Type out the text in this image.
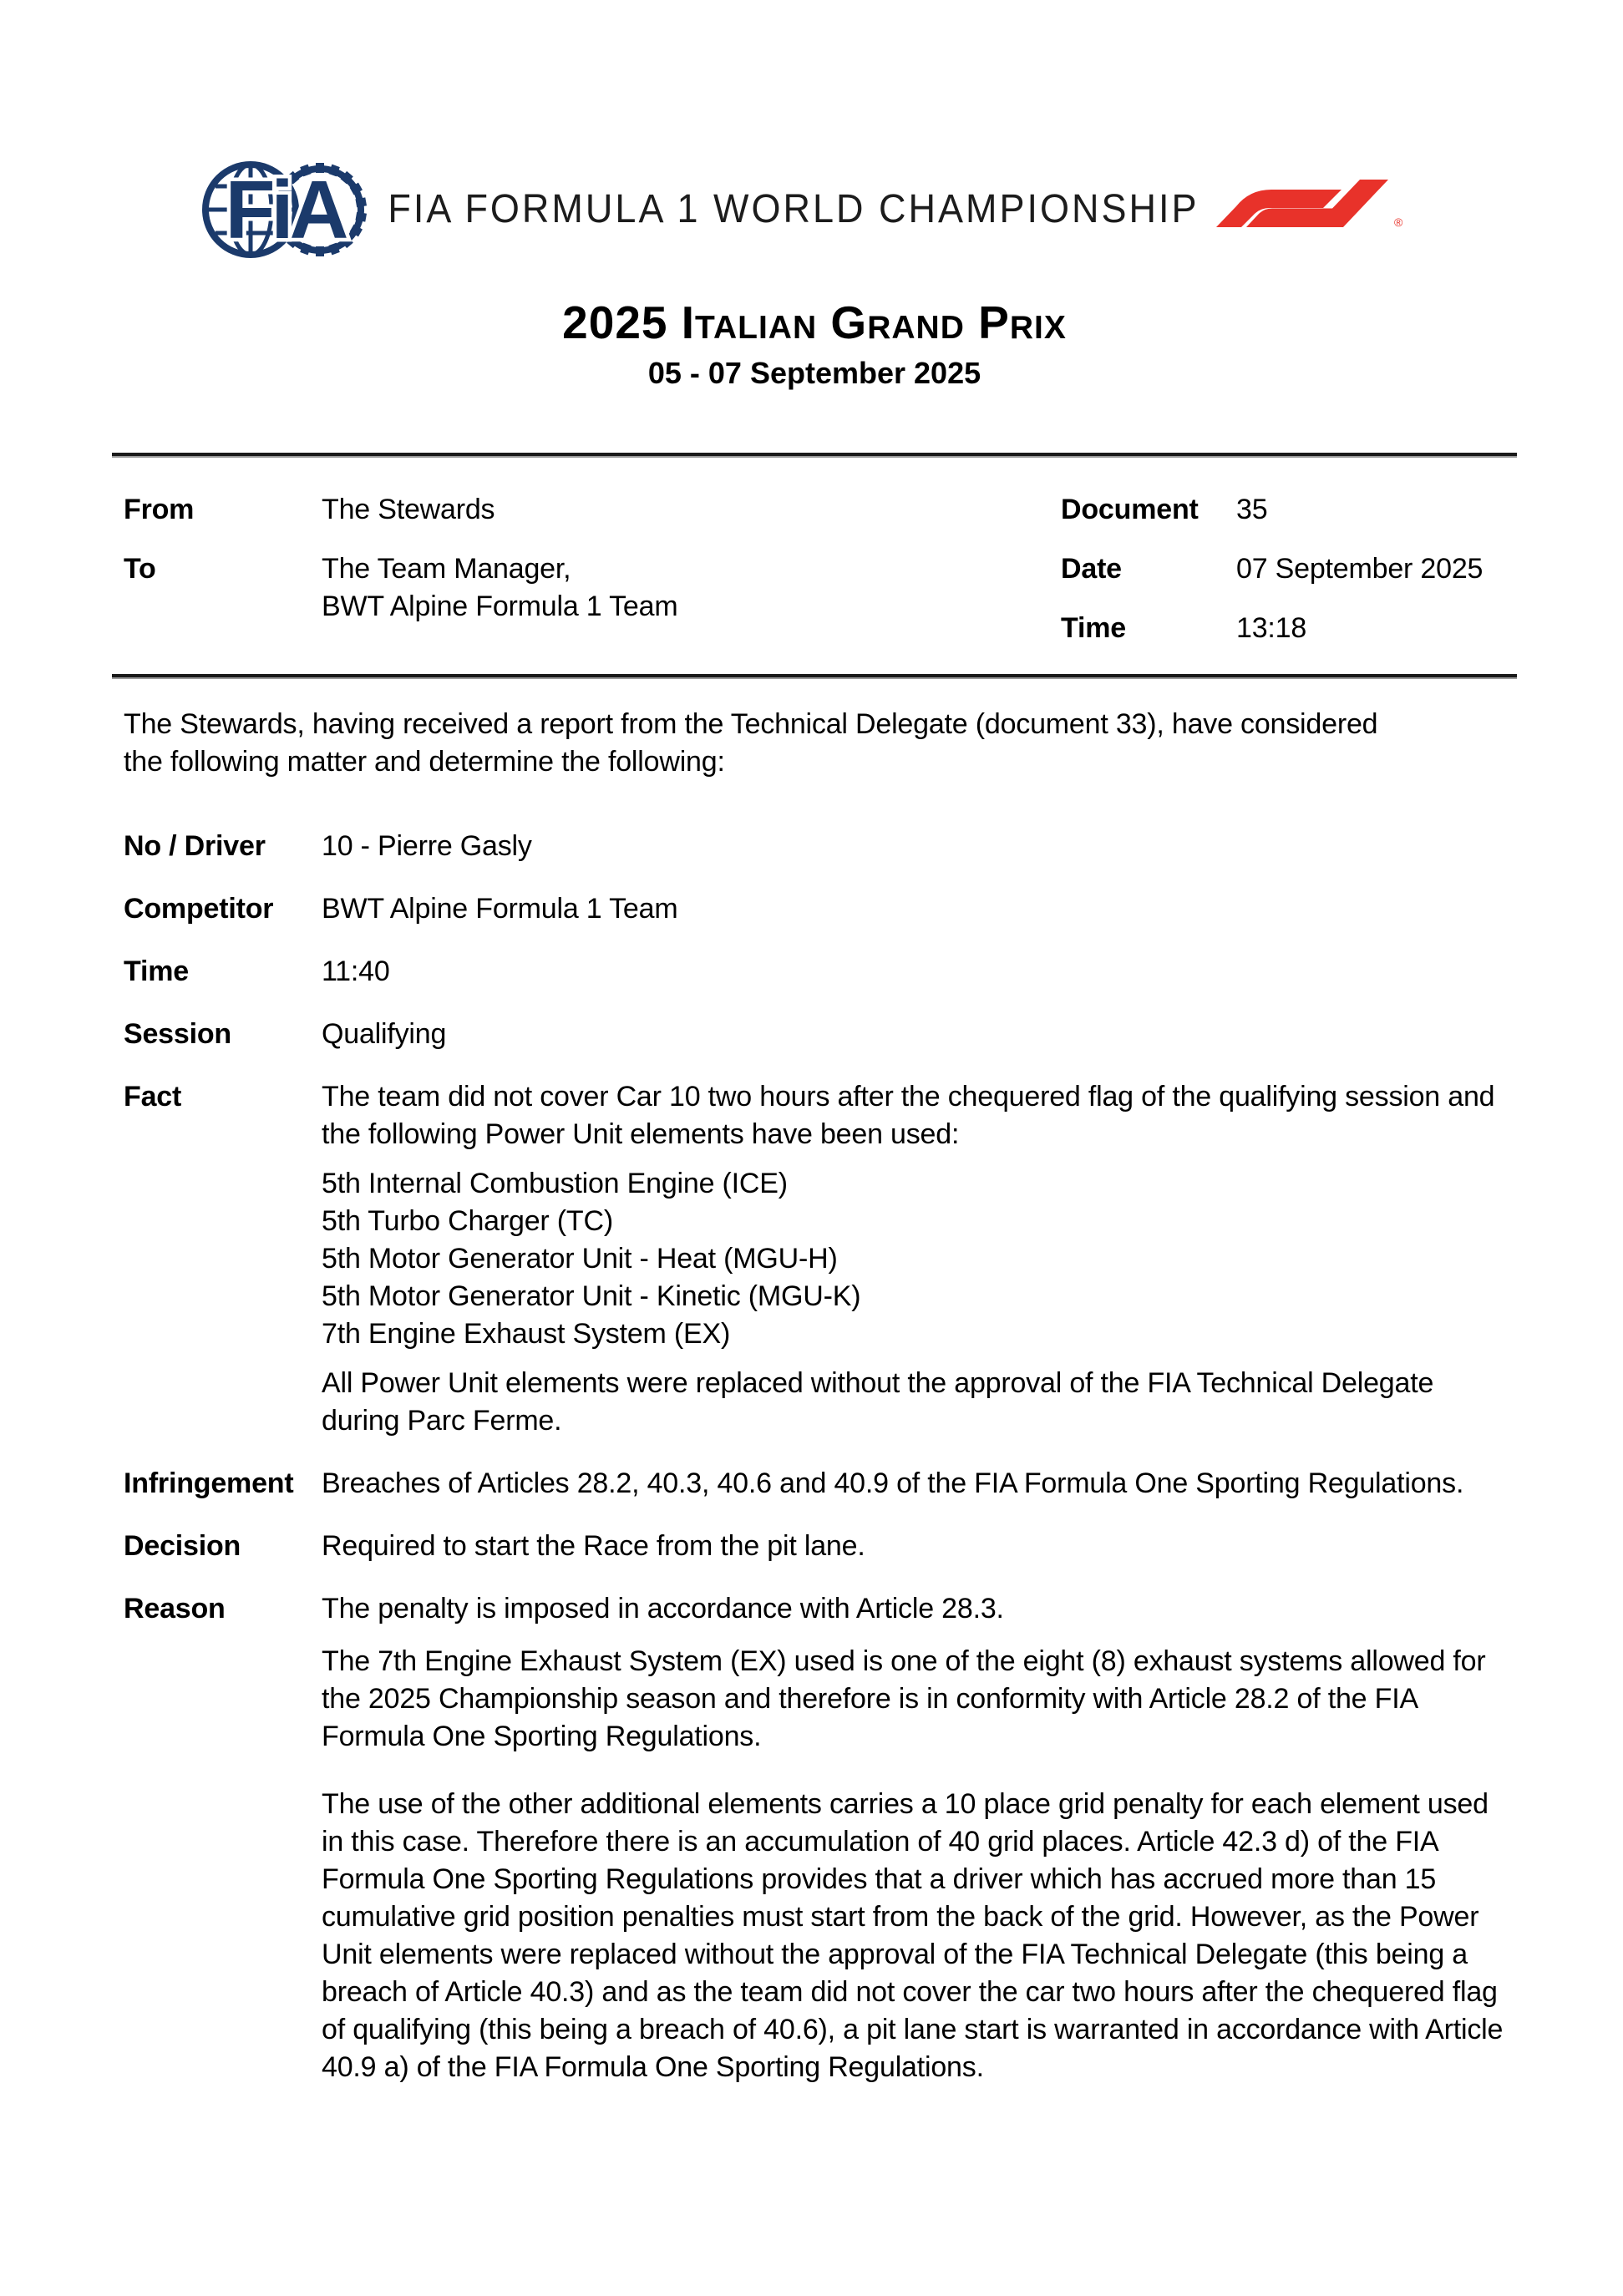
FiA	FIA FORMULA 1 WORLD CHAMPIONSHIP	®
2025 Italian Grand Prix
05 - 07 September 2025
From	The Stewards
To	The Team Manager,
BWT Alpine Formula 1 Team
Document	35
Date	07 September 2025
Time	13:18

The Stewards, having received a report from the Technical Delegate (document 33), have considered the following matter and determine the following:

No / Driver	10 - Pierre Gasly
Competitor	BWT Alpine Formula 1 Team
Time	11:40
Session	Qualifying
Fact	The team did not cover Car 10 two hours after the chequered flag of the qualifying session and the following Power Unit elements have been used:

5th Internal Combustion Engine (ICE)
5th Turbo Charger (TC)
5th Motor Generator Unit - Heat (MGU-H)
5th Motor Generator Unit - Kinetic (MGU-K)
7th Engine Exhaust System (EX)

All Power Unit elements were replaced without the approval of the FIA Technical Delegate during Parc Ferme.

Infringement Breaches of Articles 28.2, 40.3, 40.6 and 40.9 of the FIA Formula One Sporting Regulations.
Decision	Required to start the Race from the pit lane.
Reason	The penalty is imposed in accordance with Article 28.3.

The 7th Engine Exhaust System (EX) used is one of the eight (8) exhaust systems allowed for the 2025 Championship season and therefore is in conformity with Article 28.2 of the FIA Formula One Sporting Regulations.

The use of the other additional elements carries a 10 place grid penalty for each element used in this case. Therefore there is an accumulation of 40 grid places. Article 42.3 d) of the FIA Formula One Sporting Regulations provides that a driver which has accrued more than 15 cumulative grid position penalties must start from the back of the grid. However, as the Power Unit elements were replaced without the approval of the FIA Technical Delegate (this being a breach of Article 40.3) and as the team did not cover the car two hours after the chequered flag of qualifying (this being a breach of 40.6), a pit lane start is warranted in accordance with Article 40.9 a) of the FIA Formula One Sporting Regulations.
